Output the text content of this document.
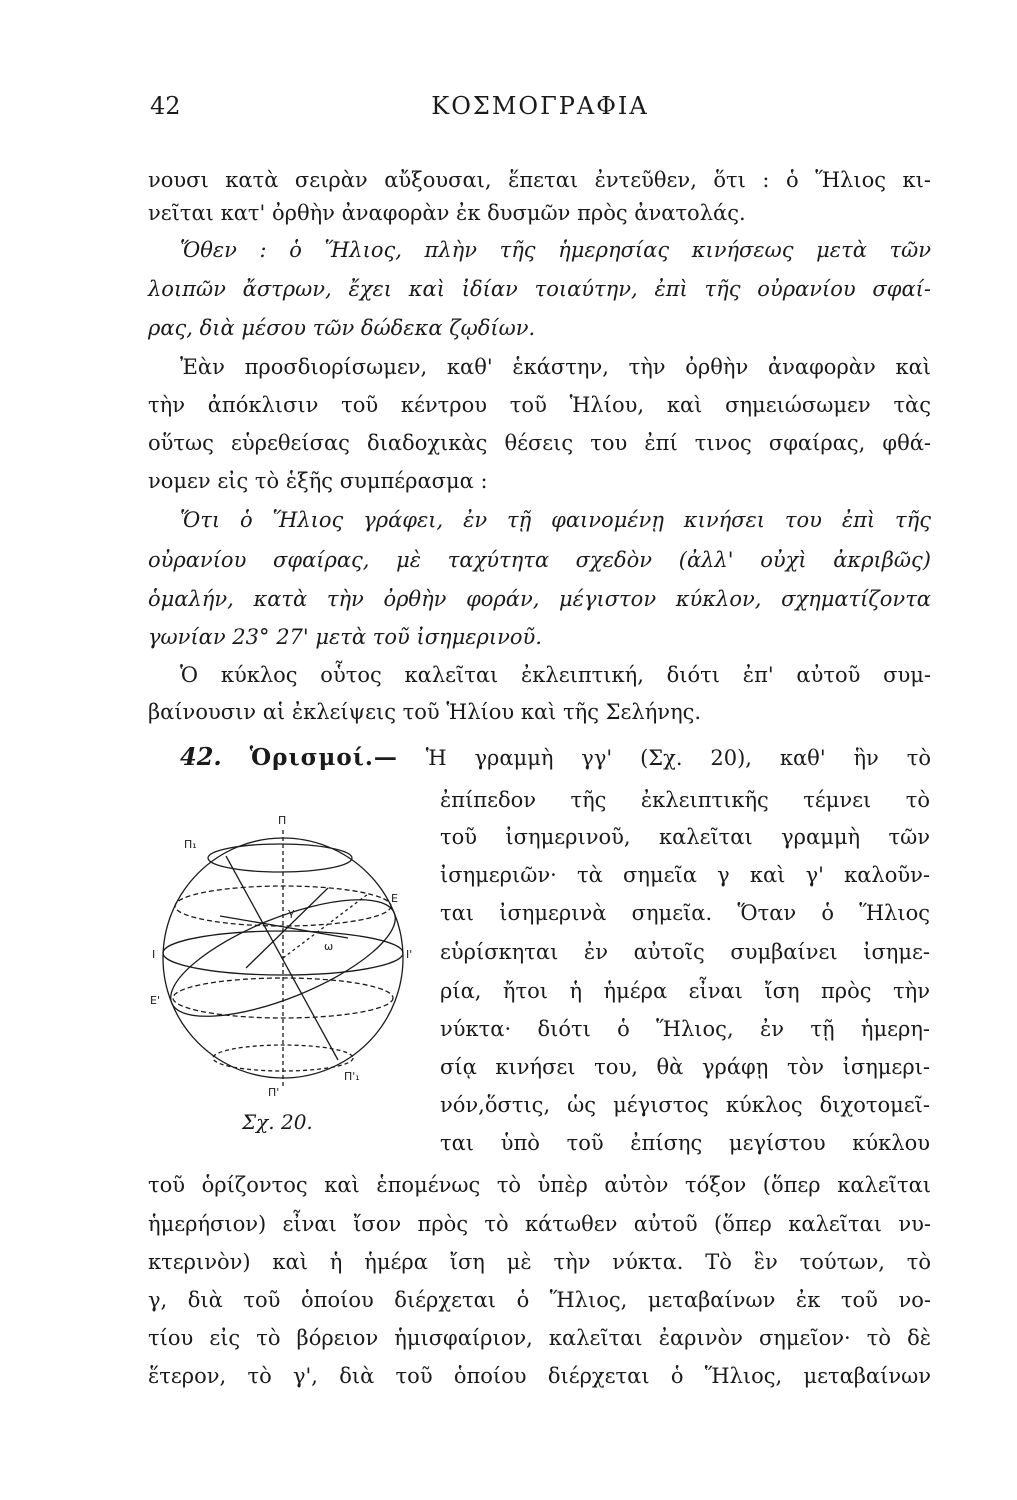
42	ΚΟΣΜΟΓΡΑΦΙΑ
νουσι κατὰ σειρὰν αὔξουσαι, ἕπεται ἐντεῦθεν, ὅτι : ὁ Ἥλιος κι-
νεῖται κατ' ὀρθὴν ἀναφορὰν ἐκ δυσμῶν πρὸς ἀνατολάς.
Ὅθεν : ὁ Ἥλιος, πλὴν τῆς ἡμερησίας κινήσεως μετὰ τῶν
λοιπῶν ἄστρων, ἔχει καὶ ἰδίαν τοιαύτην, ἐπὶ τῆς οὐρανίου σφαί-
ρας, διὰ μέσου τῶν δώδεκα ζῳδίων.
Ἐὰν προσδιορίσωμεν, καθ' ἑκάστην, τὴν ὀρθὴν ἀναφορὰν καὶ
τὴν ἀπόκλισιν τοῦ κέντρου τοῦ Ἡλίου, καὶ σημειώσωμεν τὰς
οὕτως εὑρεθείσας διαδοχικὰς θέσεις του ἐπί τινος σφαίρας, φθά-
νομεν εἰς τὸ ἑξῆς συμπέρασμα :
Ὅτι ὁ Ἥλιος γράφει, ἐν τῇ φαινομένῃ κινήσει του ἐπὶ τῆς
οὐρανίου σφαίρας, μὲ ταχύτητα σχεδὸν (ἀλλ' οὐχὶ ἀκριβῶς)
ὁμαλήν, κατὰ τὴν ὀρθὴν φοράν, μέγιστον κύκλον, σχηματίζοντα
γωνίαν 23° 27' μετὰ τοῦ ἰσημερινοῦ.
Ὁ κύκλος οὗτος καλεῖται ἐκλειπτική, διότι ἐπ' αὐτοῦ συμ-
βαίνουσιν αἱ ἐκλείψεις τοῦ Ἡλίου καὶ τῆς Σελήνης.
42. Ὁρισμοί.— Ἡ γραμμὴ γγ' (Σχ. 20), καθ' ἣν τὸ
ἐπίπεδον τῆς ἐκλειπτικῆς τέμνει τὸ
τοῦ ἰσημερινοῦ, καλεῖται γραμμὴ τῶν
ἰσημεριῶν· τὰ σημεῖα γ καὶ γ' καλοῦν-
ται ἰσημερινὰ σημεῖα. Ὅταν ὁ Ἥλιος
εὑρίσκηται ἐν αὐτοῖς συμβαίνει ἰσημε-
ρία, ἤτοι ἡ ἡμέρα εἶναι ἴση πρὸς τὴν
νύκτα· διότι ὁ Ἥλιος, ἐν τῇ ἡμερη-
σίᾳ κινήσει του, θὰ γράφῃ τὸν ἰσημερι-
νόν,ὅστις, ὡς μέγιστος κύκλος διχοτομεῖ-
ται ὑπὸ τοῦ ἐπίσης μεγίστου κύκλου
Π
Π₁
Ε
Ι	Ι'
Ε'
Π'
Π'₁
γ
ω
Σχ. 20.
τοῦ ὁρίζοντος καὶ ἑπομένως τὸ ὑπὲρ αὐτὸν τόξον (ὅπερ καλεῖται
ἡμερήσιον) εἶναι ἴσον πρὸς τὸ κάτωθεν αὐτοῦ (ὅπερ καλεῖται νυ-
κτερινὸν) καὶ ἡ ἡμέρα ἴση μὲ τὴν νύκτα. Τὸ ἓν τούτων, τὸ
γ, διὰ τοῦ ὁποίου διέρχεται ὁ Ἥλιος, μεταβαίνων ἐκ τοῦ νο-
τίου εἰς τὸ βόρειον ἡμισφαίριον, καλεῖται ἐαρινὸν σημεῖον· τὸ δὲ
ἕτερον, τὸ γ', διὰ τοῦ ὁποίου διέρχεται ὁ Ἥλιος, μεταβαίνων
